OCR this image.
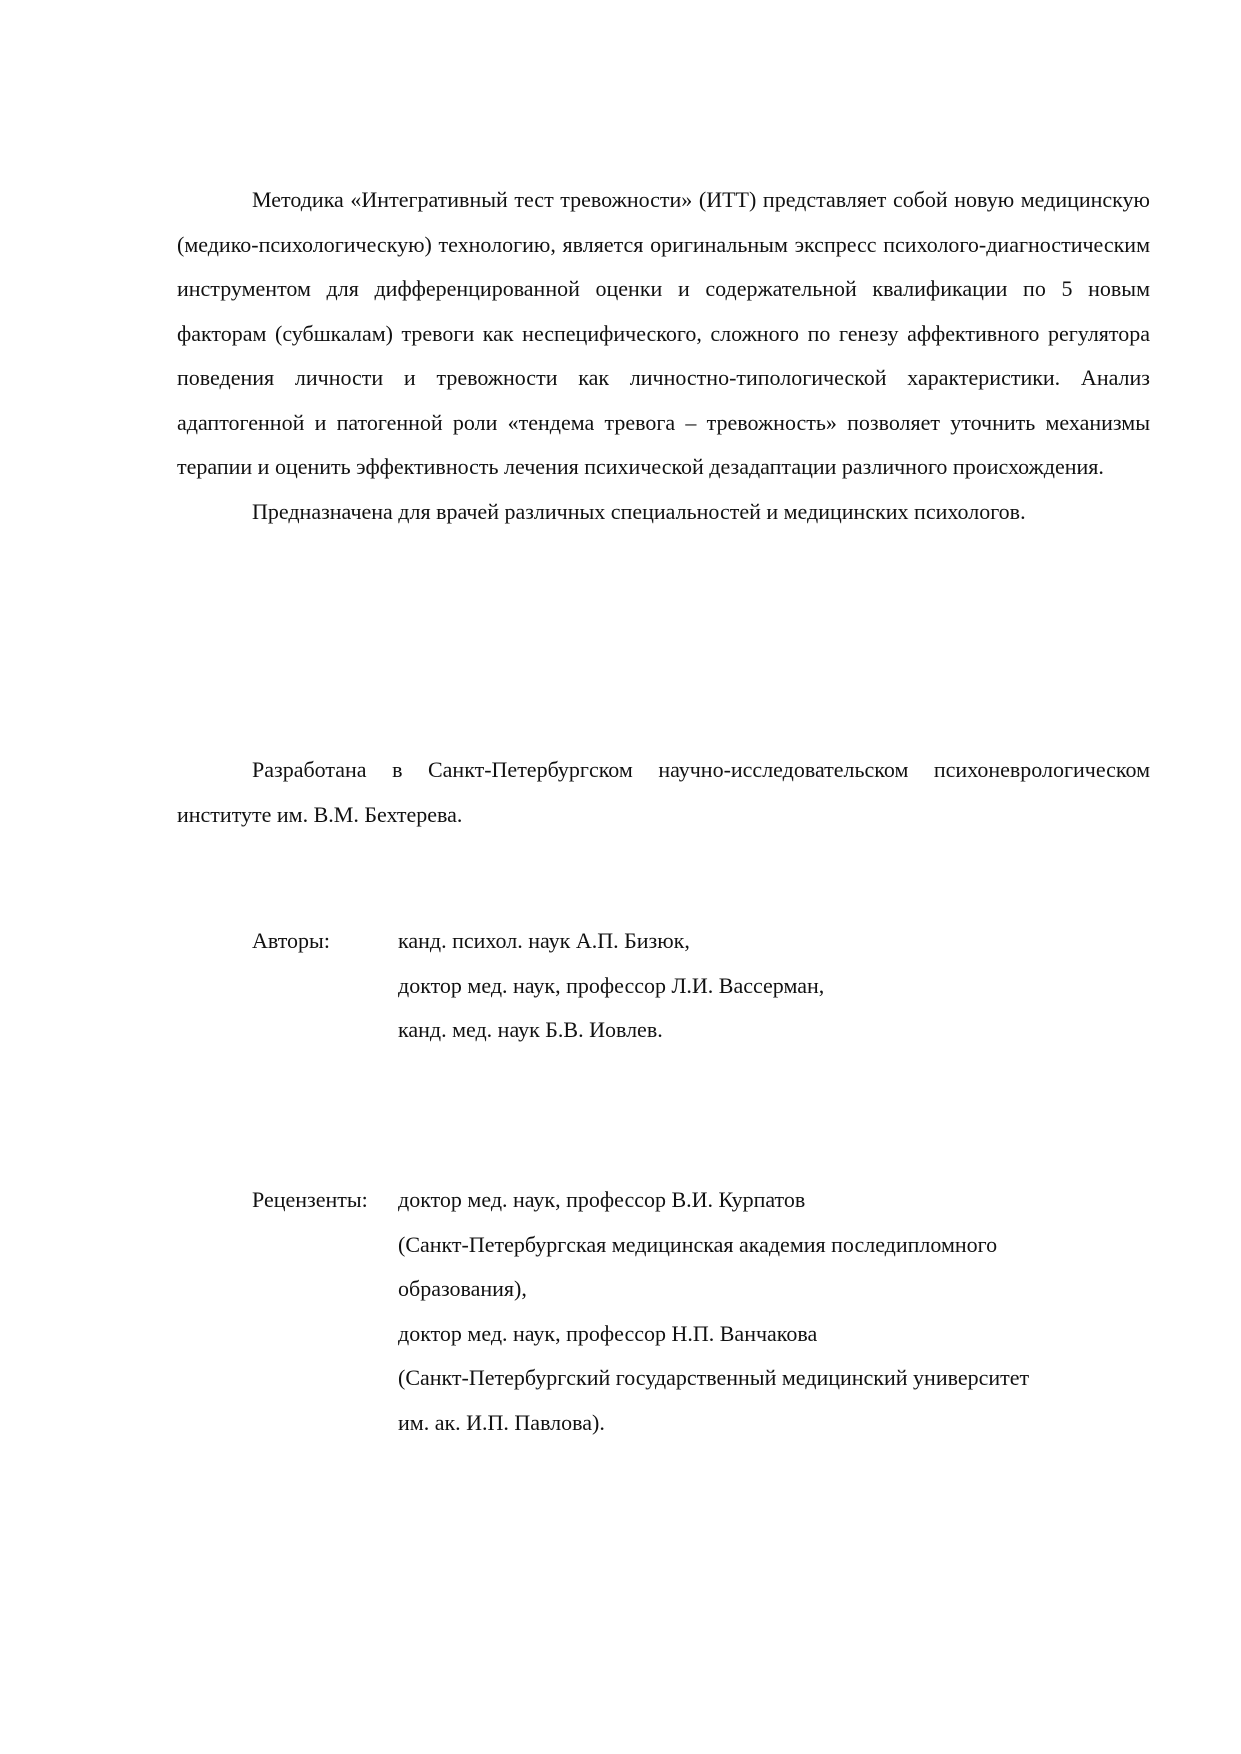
Методика «Интегративный тест тревожности» (ИТТ) представляет собой новую медицинскую (медико-психологическую) технологию, является оригинальным экспресс психолого-диагностическим инструментом для дифференцированной оценки и содержательной квалификации по 5 новым факторам (субшкалам) тревоги как неспецифического, сложного по генезу аффективного регулятора поведения личности и тревожности как личностно-типологической характеристики. Анализ адаптогенной и патогенной роли «тендема тревога – тревожность» позволяет уточнить механизмы терапии и оценить эффективность лечения психической дезадаптации различного происхождения.

Предназначена для врачей различных специальностей и медицинских психологов.

Разработана в Санкт-Петербургском научно-исследовательском психоневрологическом институте им. В.М. Бехтерева.

Авторы:	канд. психол. наук А.П. Бизюк,
доктор мед. наук, профессор Л.И. Вассерман,
канд. мед. наук Б.В. Иовлев.
Рецензенты:	доктор мед. наук, профессор В.И. Курпатов
(Санкт-Петербургская медицинская академия последипломного
образования),
доктор мед. наук, профессор Н.П. Ванчакова
(Санкт-Петербургский государственный медицинский университет
им. ак. И.П. Павлова).
